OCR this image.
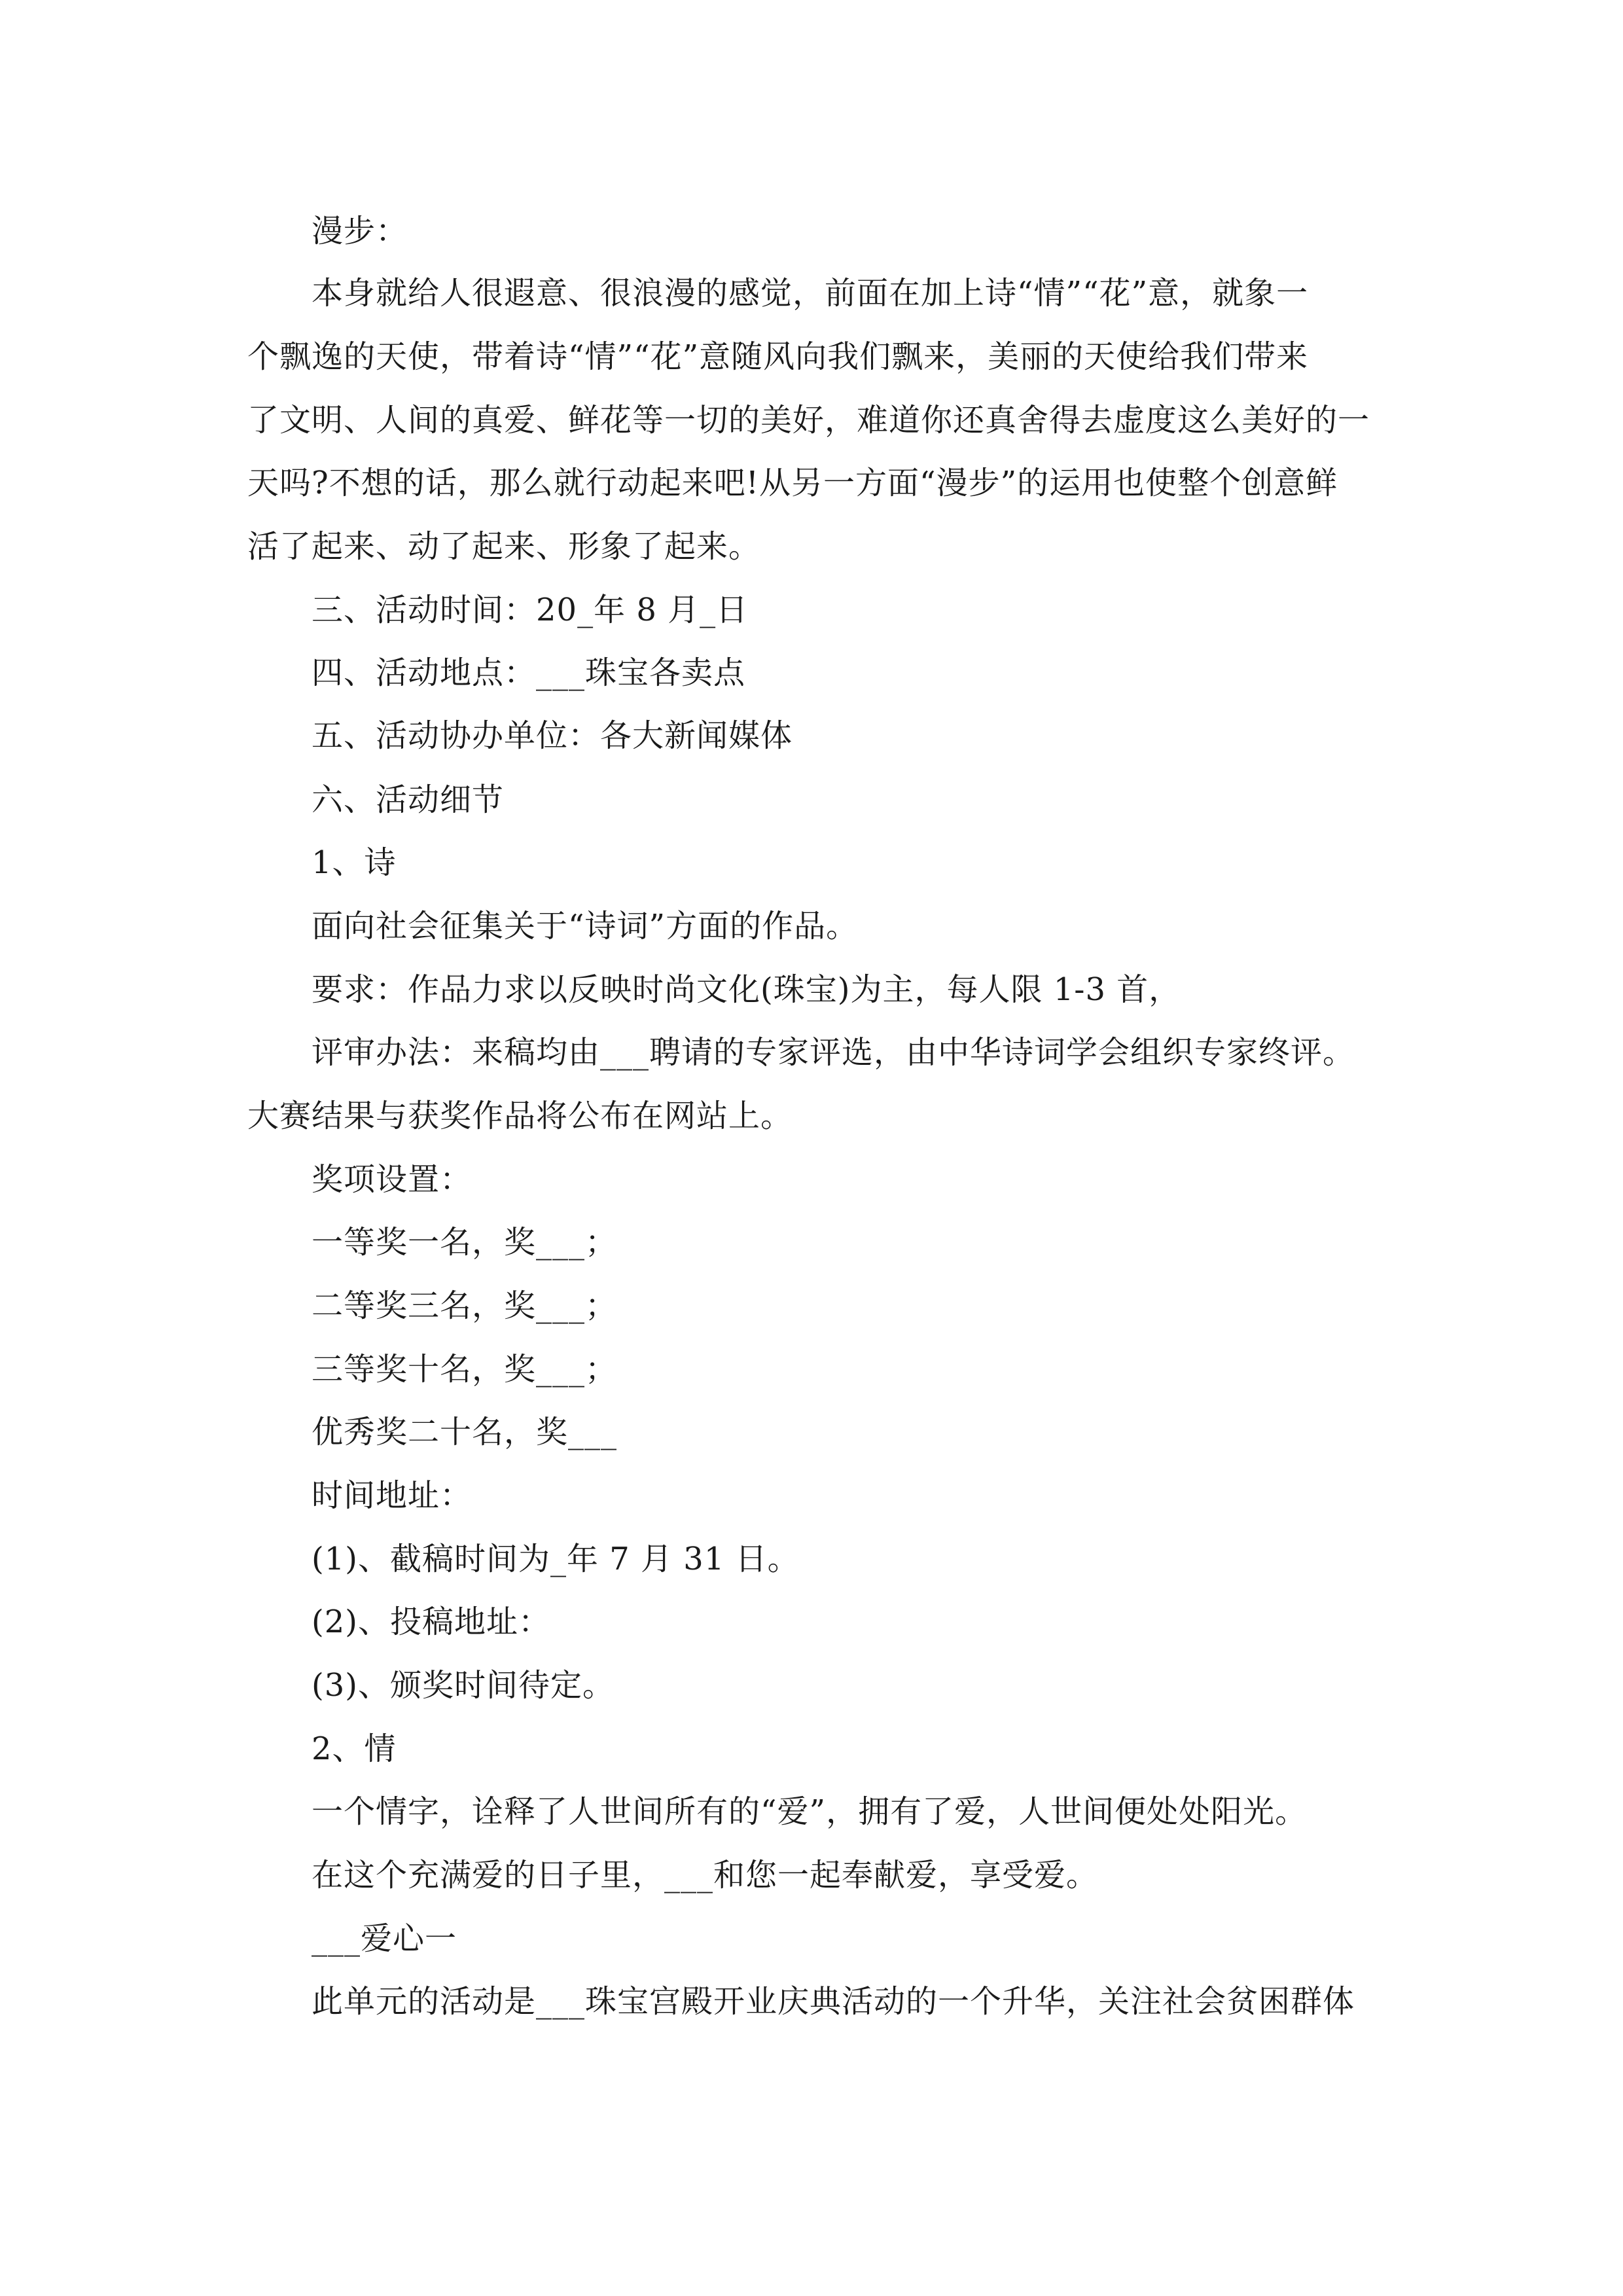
漫步：
本身就给人很遐意、很浪漫的感觉，前面在加上诗“情”“花”意，就象一
个飘逸的天使，带着诗“情”“花”意随风向我们飘来，美丽的天使给我们带来
了文明、人间的真爱、鲜花等一切的美好，难道你还真舍得去虚度这么美好的一
天吗?不想的话，那么就行动起来吧!从另一方面“漫步”的运用也使整个创意鲜
活了起来、动了起来、形象了起来。
三、活动时间：20_年 8 月_日
四、活动地点：___珠宝各卖点
五、活动协办单位：各大新闻媒体
六、活动细节
1、诗
面向社会征集关于“诗词”方面的作品。
要求：作品力求以反映时尚文化(珠宝)为主，每人限 1-3 首，
评审办法：来稿均由___聘请的专家评选，由中华诗词学会组织专家终评。
大赛结果与获奖作品将公布在网站上。
奖项设置：
一等奖一名，奖___；
二等奖三名，奖___；
三等奖十名，奖___；
优秀奖二十名，奖___
时间地址：
(1)、截稿时间为_年 7 月 31 日。
(2)、投稿地址：
(3)、颁奖时间待定。
2、情
一个情字，诠释了人世间所有的“爱”，拥有了爱，人世间便处处阳光。
在这个充满爱的日子里，___和您一起奉献爱，享受爱。
___爱心一
此单元的活动是___珠宝宫殿开业庆典活动的一个升华，关注社会贫困群体
